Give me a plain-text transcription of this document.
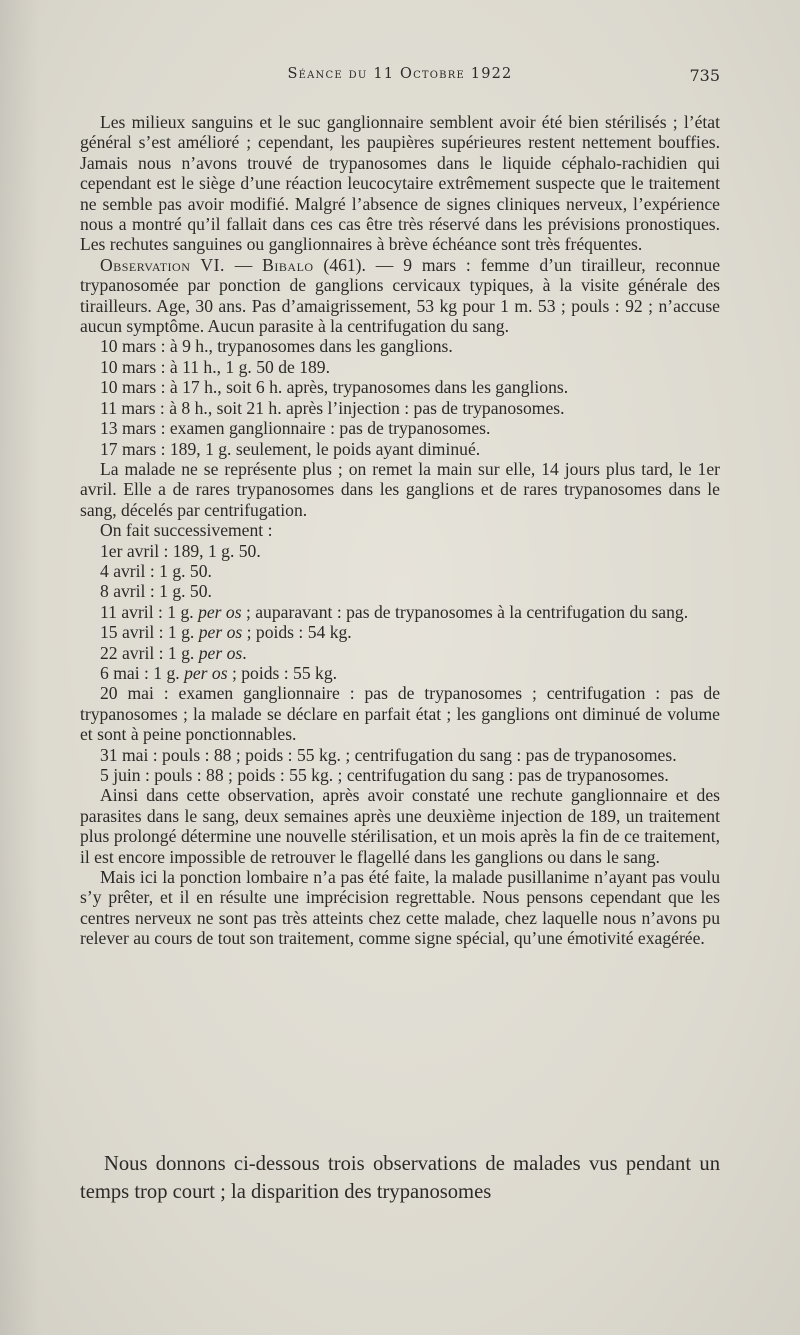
Séance du 11 Octobre 1922	735

Les milieux sanguins et le suc ganglionnaire semblent avoir été bien stérilisés ; l’état général s’est amélioré ; cependant, les paupières supérieures restent nettement bouffies. Jamais nous n’avons trouvé de trypanosomes dans le liquide céphalo-rachidien qui cependant est le siège d’une réaction leucocytaire extrêmement suspecte que le traitement ne semble pas avoir modifié. Malgré l’absence de signes cliniques nerveux, l’expérience nous a montré qu’il fallait dans ces cas être très réservé dans les prévisions pronostiques. Les rechutes sanguines ou ganglionnaires à brève échéance sont très fréquentes.

Observation VI. — Bibalo (461). — 9 mars : femme d’un tirailleur, reconnue trypanosomée par ponction de ganglions cervicaux typiques, à la visite générale des tirailleurs. Age, 30 ans. Pas d’amaigrissement, 53 kg pour 1 m. 53 ; pouls : 92 ; n’accuse aucun symptôme. Aucun parasite à la centrifugation du sang.

10 mars : à 9 h., trypanosomes dans les ganglions.

10 mars : à 11 h., 1 g. 50 de 189.

10 mars : à 17 h., soit 6 h. après, trypanosomes dans les ganglions.

11 mars : à 8 h., soit 21 h. après l’injection : pas de trypanosomes.

13 mars : examen ganglionnaire : pas de trypanosomes.

17 mars : 189, 1 g. seulement, le poids ayant diminué.

La malade ne se représente plus ; on remet la main sur elle, 14 jours plus tard, le 1er avril. Elle a de rares trypanosomes dans les ganglions et de rares trypanosomes dans le sang, décelés par centrifugation.

On fait successivement :

1er avril : 189, 1 g. 50.

4 avril : 1 g. 50.

8 avril : 1 g. 50.

11 avril : 1 g. per os ; auparavant : pas de trypanosomes à la centrifugation du sang.

15 avril : 1 g. per os ; poids : 54 kg.

22 avril : 1 g. per os.

6 mai : 1 g. per os ; poids : 55 kg.

20 mai : examen ganglionnaire : pas de trypanosomes ; centrifugation : pas de trypanosomes ; la malade se déclare en parfait état ; les ganglions ont diminué de volume et sont à peine ponctionnables.

31 mai : pouls : 88 ; poids : 55 kg. ; centrifugation du sang : pas de trypanosomes.

5 juin : pouls : 88 ; poids : 55 kg. ; centrifugation du sang : pas de trypanosomes.

Ainsi dans cette observation, après avoir constaté une rechute ganglionnaire et des parasites dans le sang, deux semaines après une deuxième injection de 189, un traitement plus prolongé détermine une nouvelle stérilisation, et un mois après la fin de ce traitement, il est encore impossible de retrouver le flagellé dans les ganglions ou dans le sang.

Mais ici la ponction lombaire n’a pas été faite, la malade pusillanime n’ayant pas voulu s’y prêter, et il en résulte une imprécision regrettable. Nous pensons cependant que les centres nerveux ne sont pas très atteints chez cette malade, chez laquelle nous n’avons pu relever au cours de tout son traitement, comme signe spécial, qu’une émotivité exagérée.

Nous donnons ci-dessous trois observations de malades vus pendant un temps trop court ; la disparition des trypanosomes
